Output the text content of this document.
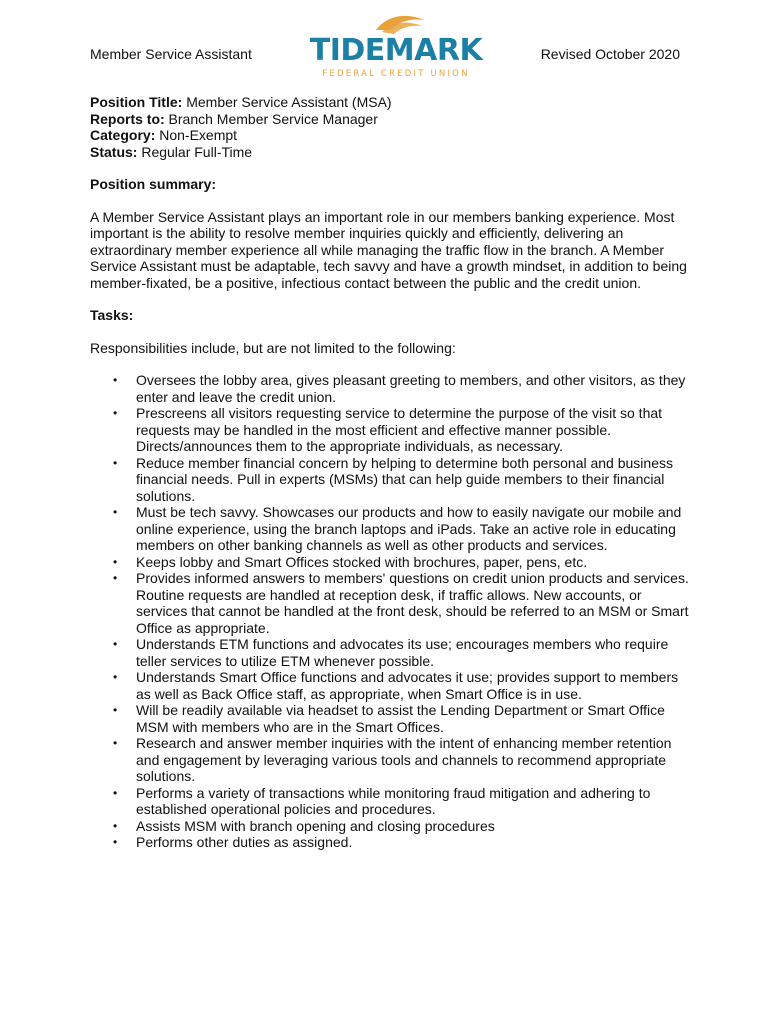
Member Service Assistant TIDEMARK
FEDERAL CREDIT UNION
Revised October 2020

Position Title: Member Service Assistant (MSA)

Reports to: Branch Member Service Manager

Category: Non-Exempt

Status: Regular Full-Time

Position summary:

A Member Service Assistant plays an important role in our members banking experience. Most important is the ability to resolve member inquiries quickly and efficiently, delivering an extraordinary member experience all while managing the traffic flow in the branch. A Member Service Assistant must be adaptable, tech savvy and have a growth mindset, in addition to being member-fixated, be a positive, infectious contact between the public and the credit union.

Tasks:

Responsibilities include, but are not limited to the following:

• Oversees the lobby area, gives pleasant greeting to members, and other visitors, as they enter and leave the credit union.
• Prescreens all visitors requesting service to determine the purpose of the visit so that requests may be handled in the most efficient and effective manner possible. Directs/announces them to the appropriate individuals, as necessary.
• Reduce member financial concern by helping to determine both personal and business financial needs. Pull in experts (MSMs) that can help guide members to their financial solutions.
• Must be tech savvy. Showcases our products and how to easily navigate our mobile and online experience, using the branch laptops and iPads. Take an active role in educating members on other banking channels as well as other products and services.
• Keeps lobby and Smart Offices stocked with brochures, paper, pens, etc.
• Provides informed answers to members' questions on credit union products and services. Routine requests are handled at reception desk, if traffic allows. New accounts, or services that cannot be handled at the front desk, should be referred to an MSM or Smart Office as appropriate.
• Understands ETM functions and advocates its use; encourages members who require teller services to utilize ETM whenever possible.
• Understands Smart Office functions and advocates it use; provides support to members as well as Back Office staff, as appropriate, when Smart Office is in use.
• Will be readily available via headset to assist the Lending Department or Smart Office MSM with members who are in the Smart Offices.
• Research and answer member inquiries with the intent of enhancing member retention and engagement by leveraging various tools and channels to recommend appropriate solutions.
• Performs a variety of transactions while monitoring fraud mitigation and adhering to established operational policies and procedures.
• Assists MSM with branch opening and closing procedures
• Performs other duties as assigned.
